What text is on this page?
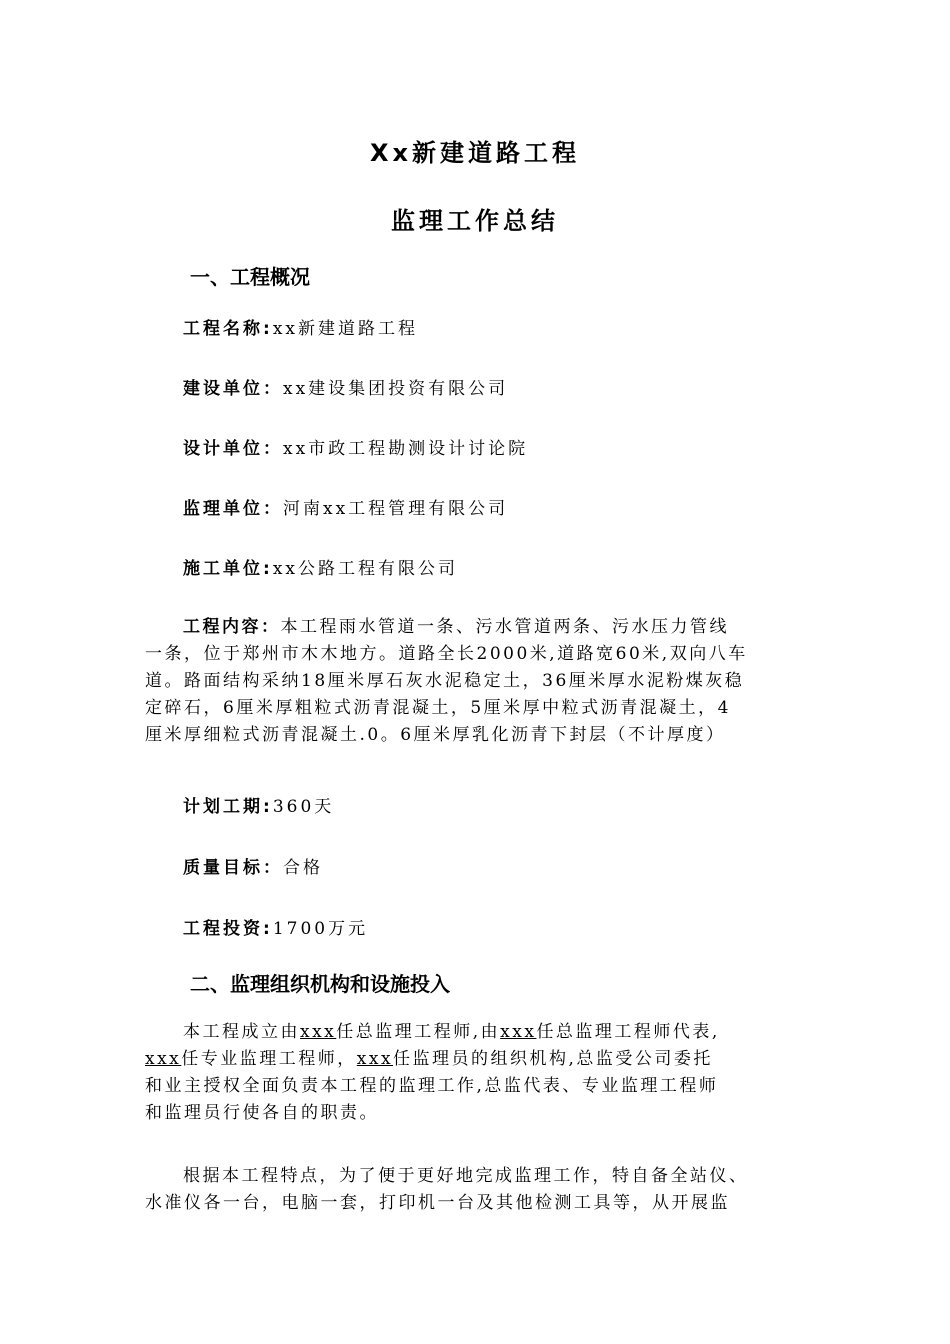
Xx新建道路工程
监理工作总结
一、工程概况
工程名称:xx新建道路工程
建设单位：xx建设集团投资有限公司
设计单位：xx市政工程勘测设计讨论院
监理单位：河南xx工程管理有限公司
施工单位:xx公路工程有限公司
工程内容：本工程雨水管道一条、污水管道两条、污水压力管线
一条，位于郑州市木木地方。道路全长2000米,道路宽60米,双向八车
道。路面结构采纳18厘米厚石灰水泥稳定土，36厘米厚水泥粉煤灰稳
定碎石，6厘米厚粗粒式沥青混凝土，5厘米厚中粒式沥青混凝土，4
厘米厚细粒式沥青混凝土.0。6厘米厚乳化沥青下封层（不计厚度）
计划工期:360天
质量目标：合格
工程投资:1700万元
二、监理组织机构和设施投入
本工程成立由xxx任总监理工程师,由xxx任总监理工程师代表,
xxx任专业监理工程师，xxx任监理员的组织机构,总监受公司委托
和业主授权全面负责本工程的监理工作,总监代表、专业监理工程师
和监理员行使各自的职责。
根据本工程特点，为了便于更好地完成监理工作，特自备全站仪、
水准仪各一台，电脑一套，打印机一台及其他检测工具等，从开展监
